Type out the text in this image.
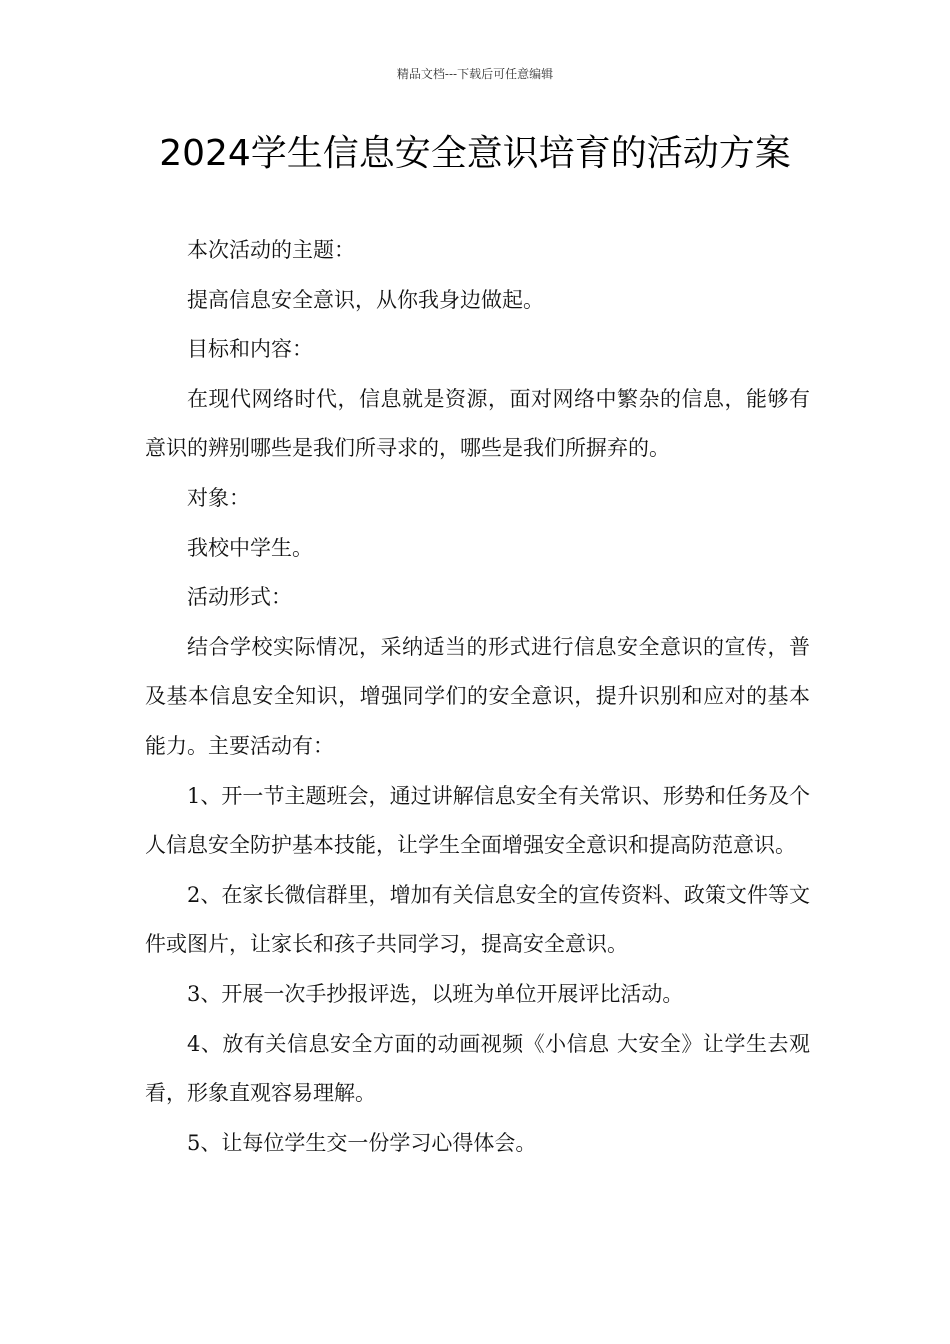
精品文档---下载后可任意编辑
2024学生信息安全意识培育的活动方案

本次活动的主题：

提高信息安全意识，从你我身边做起。

目标和内容：

在现代网络时代，信息就是资源，面对网络中繁杂的信息，能够有意识的辨别哪些是我们所寻求的，哪些是我们所摒弃的。

对象：

我校中学生。

活动形式：

结合学校实际情况，采纳适当的形式进行信息安全意识的宣传，普及基本信息安全知识，增强同学们的安全意识，提升识别和应对的基本能力。主要活动有：

1、开一节主题班会，通过讲解信息安全有关常识、形势和任务及个人信息安全防护基本技能，让学生全面增强安全意识和提高防范意识。

2、在家长微信群里，增加有关信息安全的宣传资料、政策文件等文件或图片，让家长和孩子共同学习，提高安全意识。

3、开展一次手抄报评选，以班为单位开展评比活动。

4、放有关信息安全方面的动画视频《小信息 大安全》让学生去观看，形象直观容易理解。

5、让每位学生交一份学习心得体会。
